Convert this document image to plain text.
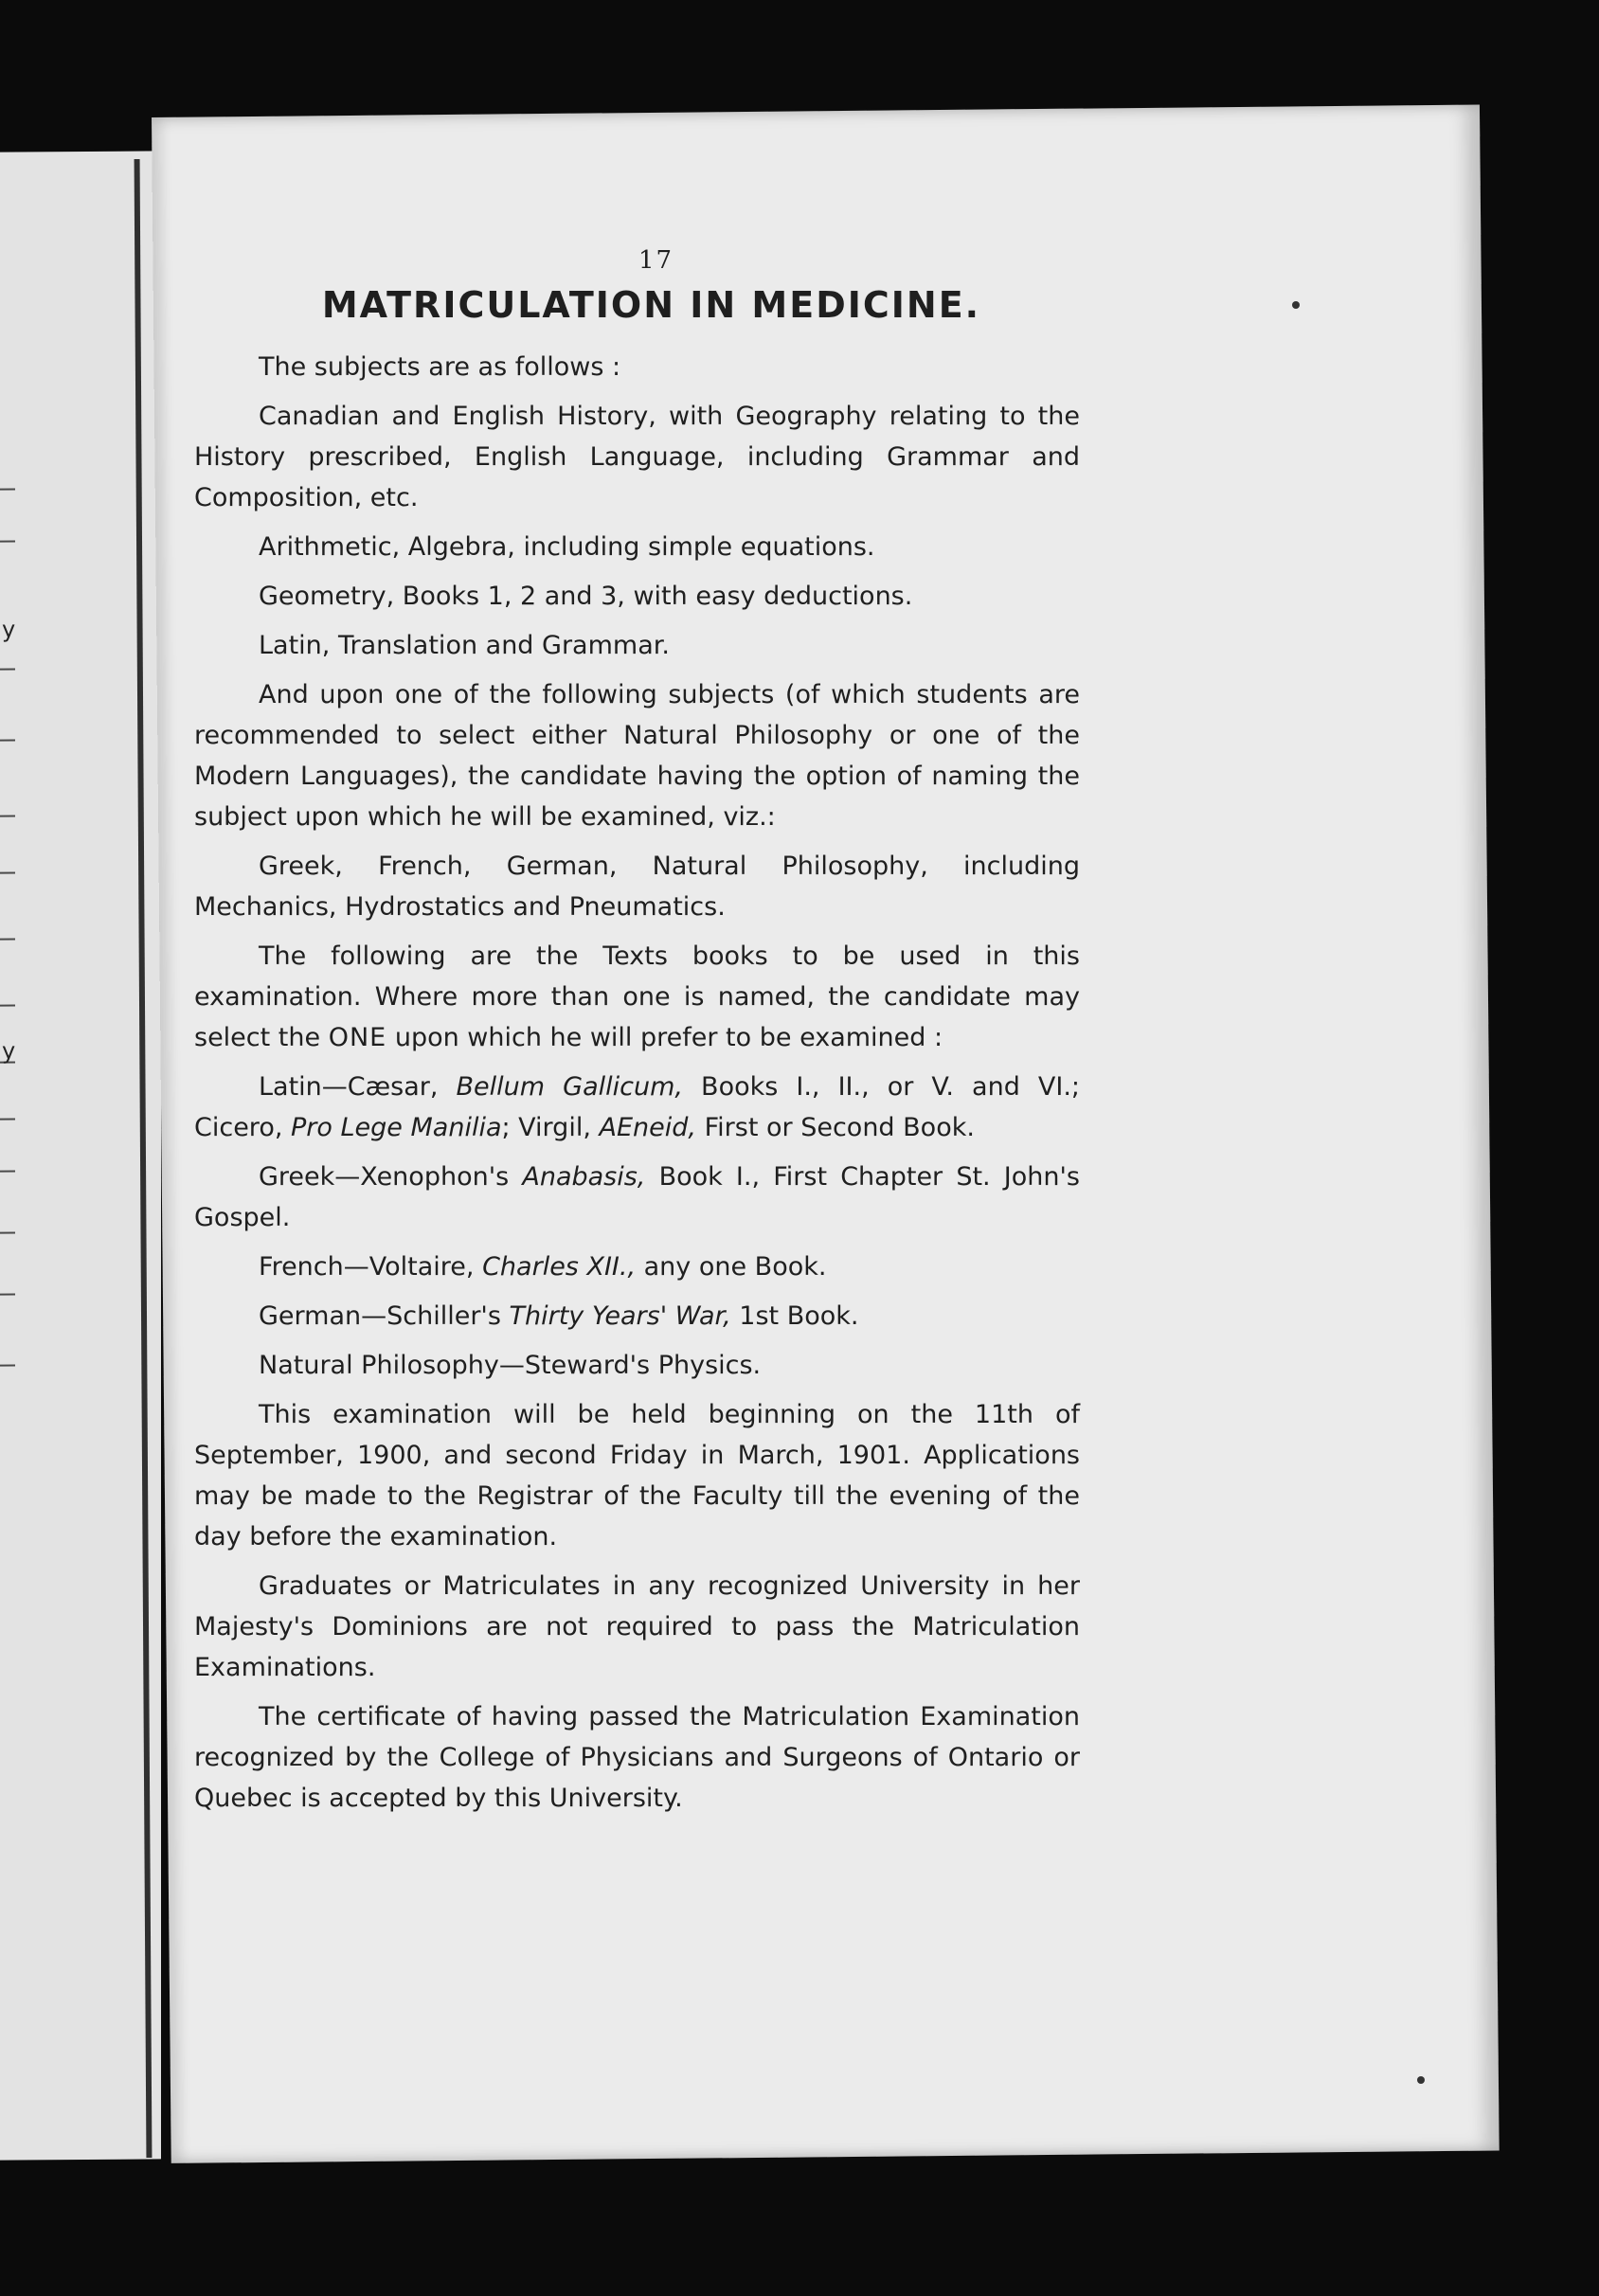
y
y
17
MATRICULATION IN MEDICINE.

The subjects are as follows :

Canadian and English History, with Geography relating to the History prescribed, English Language, including Grammar and Composition, etc.

Arithmetic, Algebra, including simple equations.

Geometry, Books 1, 2 and 3, with easy deductions.

Latin, Translation and Grammar.

And upon one of the following subjects (of which students are recommended to select either Natural Philosophy or one of the Modern Languages), the candidate having the option of naming the subject upon which he will be examined, viz.:

Greek, French, German, Natural Philosophy, including Mechanics, Hydrostatics and Pneumatics.

The following are the Texts books to be used in this examination. Where more than one is named, the candidate may select the ONE upon which he will prefer to be examined :

Latin—Cæsar, Bellum Gallicum, Books I., II., or V. and VI.; Cicero, Pro Lege Manilia; Virgil, AEneid, First or Second Book.

Greek—Xenophon's Anabasis, Book I., First Chapter St. John's Gospel.

French—Voltaire, Charles XII., any one Book.

German—Schiller's Thirty Years' War, 1st Book.

Natural Philosophy—Steward's Physics.

This examination will be held beginning on the 11th of September, 1900, and second Friday in March, 1901. Applications may be made to the Registrar of the Faculty till the evening of the day before the examination.

Graduates or Matriculates in any recognized University in her Majesty's Dominions are not required to pass the Matriculation Examinations.

The certificate of having passed the Matriculation Examination recognized by the College of Physicians and Surgeons of Ontario or Quebec is accepted by this University.
